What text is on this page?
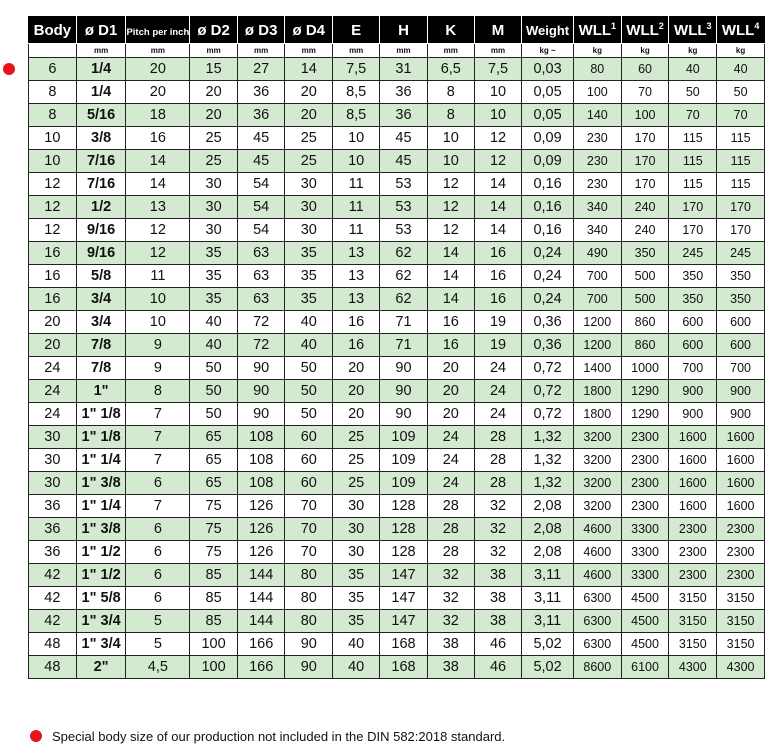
Body	ø D1	Pitch per inch	ø D2	ø D3	ø D4	E	H	K	M	Weight	WLL$^1$	WLL$^2$	WLL$^3$	WLL$^4$
	mm	mm	mm	mm	mm	mm	mm	mm	mm	kg ~	kg	kg	kg	kg
6	1/4	20	15	27	14	7,5	31	6,5	7,5	0,03	80	60	40	40
8	1/4	20	20	36	20	8,5	36	8	10	0,05	100	70	50	50
8	5/16	18	20	36	20	8,5	36	8	10	0,05	140	100	70	70
10	3/8	16	25	45	25	10	45	10	12	0,09	230	170	115	115
10	7/16	14	25	45	25	10	45	10	12	0,09	230	170	115	115
12	7/16	14	30	54	30	11	53	12	14	0,16	230	170	115	115
12	1/2	13	30	54	30	11	53	12	14	0,16	340	240	170	170
12	9/16	12	30	54	30	11	53	12	14	0,16	340	240	170	170
16	9/16	12	35	63	35	13	62	14	16	0,24	490	350	245	245
16	5/8	11	35	63	35	13	62	14	16	0,24	700	500	350	350
16	3/4	10	35	63	35	13	62	14	16	0,24	700	500	350	350
20	3/4	10	40	72	40	16	71	16	19	0,36	1200	860	600	600
20	7/8	9	40	72	40	16	71	16	19	0,36	1200	860	600	600
24	7/8	9	50	90	50	20	90	20	24	0,72	1400	1000	700	700
24	1"	8	50	90	50	20	90	20	24	0,72	1800	1290	900	900
24	1" 1/8	7	50	90	50	20	90	20	24	0,72	1800	1290	900	900
30	1" 1/8	7	65	108	60	25	109	24	28	1,32	3200	2300	1600	1600
30	1" 1/4	7	65	108	60	25	109	24	28	1,32	3200	2300	1600	1600
30	1" 3/8	6	65	108	60	25	109	24	28	1,32	3200	2300	1600	1600
36	1" 1/4	7	75	126	70	30	128	28	32	2,08	3200	2300	1600	1600
36	1" 3/8	6	75	126	70	30	128	28	32	2,08	4600	3300	2300	2300
36	1" 1/2	6	75	126	70	30	128	28	32	2,08	4600	3300	2300	2300
42	1" 1/2	6	85	144	80	35	147	32	38	3,11	4600	3300	2300	2300
42	1" 5/8	6	85	144	80	35	147	32	38	3,11	6300	4500	3150	3150
42	1" 3/4	5	85	144	80	35	147	32	38	3,11	6300	4500	3150	3150
48	1" 3/4	5	100	166	90	40	168	38	46	5,02	6300	4500	3150	3150
48	2"	4,5	100	166	90	40	168	38	46	5,02	8600	6100	4300	4300
Special body size of our production not included in the DIN 582:2018 standard.
